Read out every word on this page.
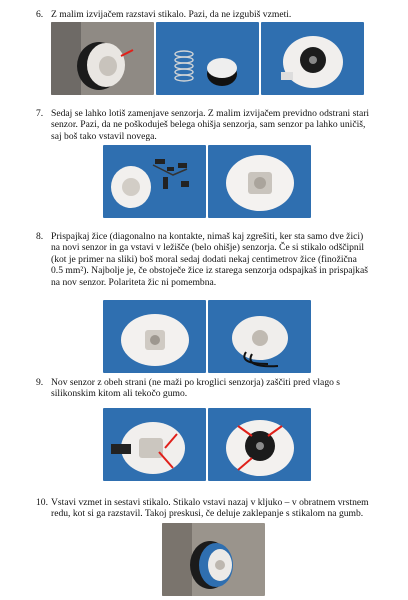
6. Z malim izvijačem razstavi stikalo. Pazi, da ne izgubiš vzmeti.
7. Sedaj se lahko lotiš zamenjave senzorja. Z malim izvijačem previdno odstrani stari senzor. Pazi, da ne poškoduješ belega ohišja senzorja, sam senzor pa lahko uničiš, saj boš tako vstavil novega.
8. Prispajkaj žice (diagonalno na kontakte, nimaš kaj zgrešiti, ker sta samo dve žici) na novi senzor in ga vstavi v ležišče (belo ohišje) senzorja. Če si stikalo odščipnil (kot je primer na sliki) boš moral sedaj dodati nekaj centimetrov žice (finožična 0.5 mm²). Najbolje je, če obstoječe žice iz starega senzorja odspajkaš in prispajkaš na nov senzor. Polariteta žic ni pomembna.
9. Nov senzor z obeh strani (ne maži po kroglici senzorja) zaščiti pred vlago s silikonskim kitom ali tekočo gumo.
10. Vstavi vzmet in sestavi stikalo. Stikalo vstavi nazaj v kljuko – v obratnem vrstnem redu, kot si ga razstavil. Takoj preskusi, če deluje zaklepanje s stikalom na gumb.
